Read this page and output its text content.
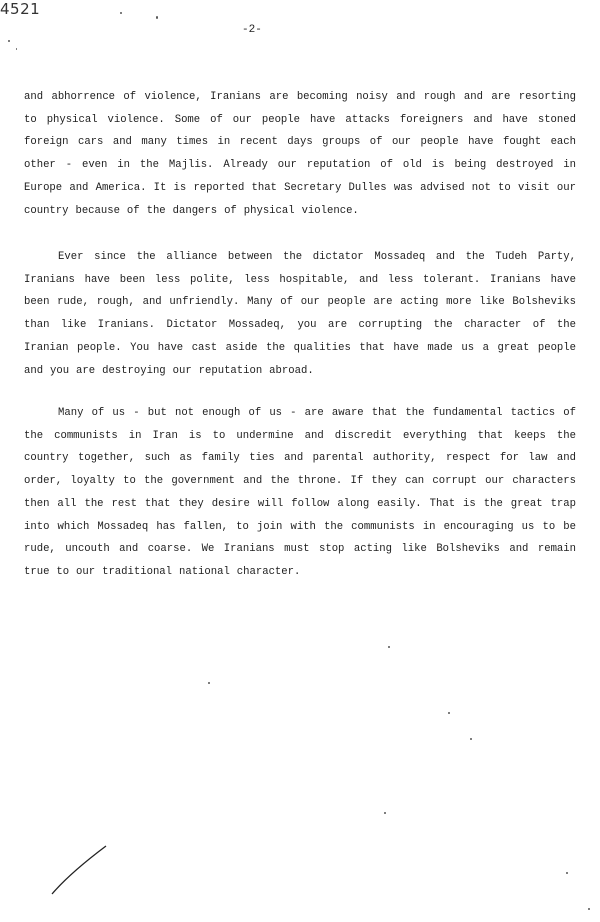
4521
-2-

and abhorrence of violence, Iranians are becoming noisy and rough and are resorting to physical violence. Some of our people have attacks foreigners and have stoned foreign cars and many times in recent days groups of our people have fought each other - even in the Majlis. Already our reputation of old is being destroyed in Europe and America. It is reported that Secretary Dulles was advised not to visit our country because of the dangers of physical violence.

Ever since the alliance between the dictator Mossadeq and the Tudeh Party, Iranians have been less polite, less hospitable, and less tolerant. Iranians have been rude, rough, and unfriendly. Many of our people are acting more like Bolsheviks than like Iranians. Dictator Mossadeq, you are corrupting the character of the Iranian people. You have cast aside the qualities that have made us a great people and you are destroying our reputation abroad.

Many of us - but not enough of us - are aware that the fundamental tactics of the communists in Iran is to undermine and discredit everything that keeps the country together, such as family ties and parental authority, respect for law and order, loyalty to the government and the throne. If they can corrupt our characters then all the rest that they desire will follow along easily. That is the great trap into which Mossadeq has fallen, to join with the communists in encouraging us to be rude, uncouth and coarse. We Iranians must stop acting like Bolsheviks and remain true to our traditional national character.
